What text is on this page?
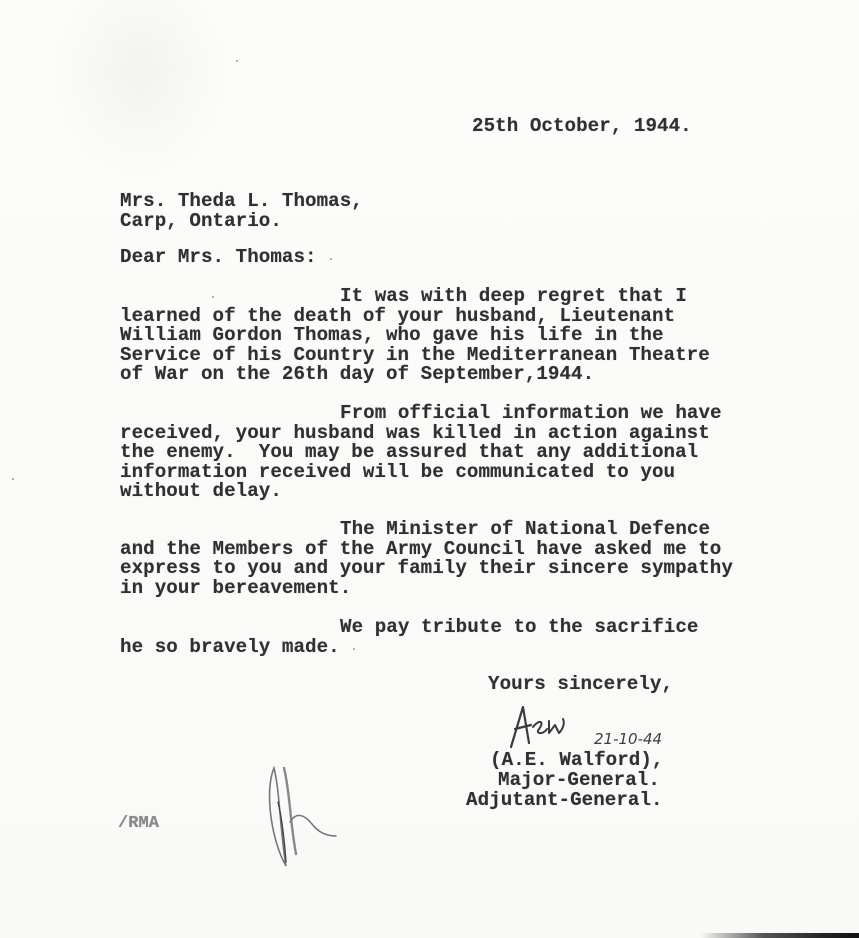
25th October, 1944.
Mrs. Theda L. Thomas,
Carp, Ontario.
Dear Mrs. Thomas:
It was with deep regret that I
learned of the death of your husband, Lieutenant
William Gordon Thomas, who gave his life in the
Service of his Country in the Mediterranean Theatre
of War on the 26th day of September,1944.
From official information we have
received, your husband was killed in action against
the enemy.  You may be assured that any additional
information received will be communicated to you
without delay.
The Minister of National Defence
and the Members of the Army Council have asked me to
express to you and your family their sincere sympathy
in your bereavement.
We pay tribute to the sacrifice
he so bravely made.
Yours sincerely,
21-10-44
(A.E. Walford),
Major-General.
Adjutant-General.
/RMA
